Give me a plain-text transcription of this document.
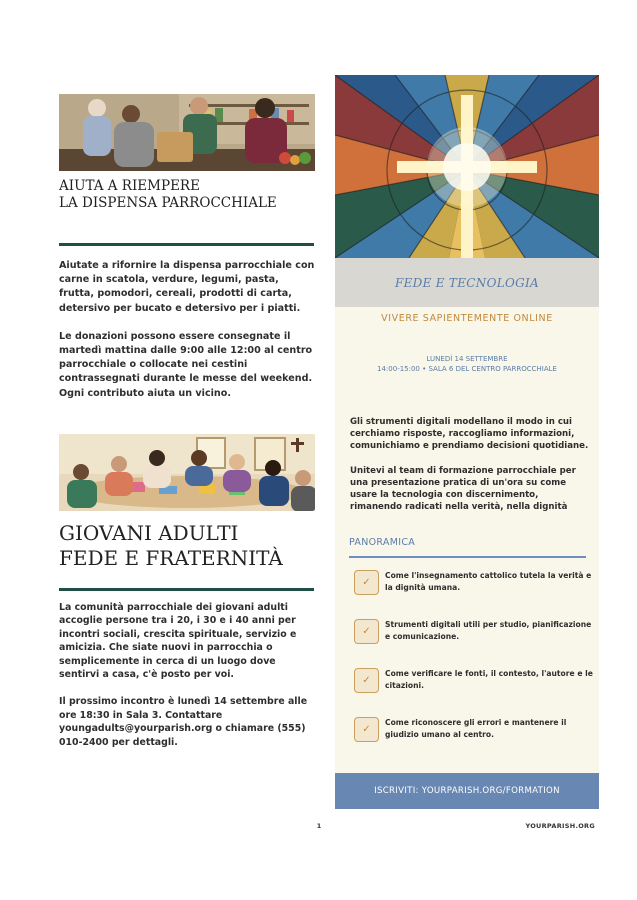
AIUTA A RIEMPERE
LA DISPENSA PARROCCHIALE

Aiutate a rifornire la dispensa parrocchiale con carne in scatola, verdure, legumi, pasta, frutta, pomodori, cereali, prodotti di carta, detersivo per bucato e detersivo per i piatti.

Le donazioni possono essere consegnate il martedì mattina dalle 9:00 alle 12:00 al centro parrocchiale o collocate nei cestini contrassegnati durante le messe del weekend. Ogni contributo aiuta un vicino.

GIOVANI ADULTI
FEDE E FRATERNITÀ

La comunità parrocchiale dei giovani adulti accoglie persone tra i 20, i 30 e i 40 anni per incontri sociali, crescita spirituale, servizio e amicizia. Che siate nuovi in parrocchia o semplicemente in cerca di un luogo dove sentirvi a casa, c'è posto per voi.

Il prossimo incontro è lunedì 14 settembre alle ore 18:30 in Sala 3. Contattare youngadults@yourparish.org o chiamare (555) 010-2400 per dettagli.

FEDE E TECNOLOGIA
VIVERE SAPIENTEMENTE ONLINE
LUNEDÌ 14 SETTEMBRE
14:00-15:00 • SALA 6 DEL CENTRO PARROCCHIALE

Gli strumenti digitali modellano il modo in cui cerchiamo risposte, raccogliamo informazioni, comunichiamo e prendiamo decisioni quotidiane.

Unitevi al team di formazione parrocchiale per una presentazione pratica di un'ora su come usare la tecnologia con discernimento, rimanendo radicati nella verità, nella dignità

PANORAMICA
✓
Come l'insegnamento cattolico tutela la verità e la dignità umana.
✓
Strumenti digitali utili per studio, pianificazione e comunicazione.
✓
Come verificare le fonti, il contesto, l'autore e le citazioni.
✓
Come riconoscere gli errori e mantenere il giudizio umano al centro.
ISCRIVITI: YOURPARISH.ORG/FORMATION
1	YOURPARISH.ORG
